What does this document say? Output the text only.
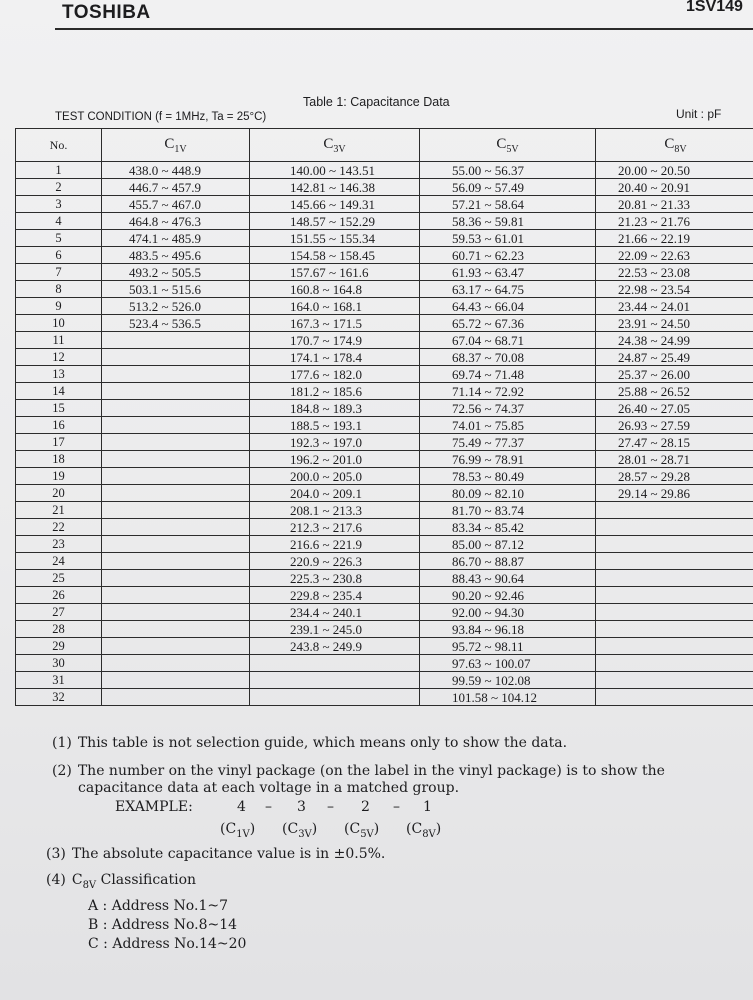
TOSHIBA	1SV149
Table 1: Capacitance Data
TEST CONDITION (f = 1MHz, Ta = 25°C)	Unit : pF
No.	$C_{1V}$	$C_{3V}$	$C_{5V}$	$C_{8V}$
1	438.0 ~ 448.9	140.00 ~ 143.51	55.00 ~ 56.37	20.00 ~ 20.50
2	446.7 ~ 457.9	142.81 ~ 146.38	56.09 ~ 57.49	20.40 ~ 20.91
3	455.7 ~ 467.0	145.66 ~ 149.31	57.21 ~ 58.64	20.81 ~ 21.33
4	464.8 ~ 476.3	148.57 ~ 152.29	58.36 ~ 59.81	21.23 ~ 21.76
5	474.1 ~ 485.9	151.55 ~ 155.34	59.53 ~ 61.01	21.66 ~ 22.19
6	483.5 ~ 495.6	154.58 ~ 158.45	60.71 ~ 62.23	22.09 ~ 22.63
7	493.2 ~ 505.5	157.67 ~ 161.6	61.93 ~ 63.47	22.53 ~ 23.08
8	503.1 ~ 515.6	160.8 ~ 164.8	63.17 ~ 64.75	22.98 ~ 23.54
9	513.2 ~ 526.0	164.0 ~ 168.1	64.43 ~ 66.04	23.44 ~ 24.01
10	523.4 ~ 536.5	167.3 ~ 171.5	65.72 ~ 67.36	23.91 ~ 24.50
11		170.7 ~ 174.9	67.04 ~ 68.71	24.38 ~ 24.99
12		174.1 ~ 178.4	68.37 ~ 70.08	24.87 ~ 25.49
13		177.6 ~ 182.0	69.74 ~ 71.48	25.37 ~ 26.00
14		181.2 ~ 185.6	71.14 ~ 72.92	25.88 ~ 26.52
15		184.8 ~ 189.3	72.56 ~ 74.37	26.40 ~ 27.05
16		188.5 ~ 193.1	74.01 ~ 75.85	26.93 ~ 27.59
17		192.3 ~ 197.0	75.49 ~ 77.37	27.47 ~ 28.15
18		196.2 ~ 201.0	76.99 ~ 78.91	28.01 ~ 28.71
19		200.0 ~ 205.0	78.53 ~ 80.49	28.57 ~ 29.28
20		204.0 ~ 209.1	80.09 ~ 82.10	29.14 ~ 29.86
21		208.1 ~ 213.3	81.70 ~ 83.74	
22		212.3 ~ 217.6	83.34 ~ 85.42	
23		216.6 ~ 221.9	85.00 ~ 87.12	
24		220.9 ~ 226.3	86.70 ~ 88.87	
25		225.3 ~ 230.8	88.43 ~ 90.64	
26		229.8 ~ 235.4	90.20 ~ 92.46	
27		234.4 ~ 240.1	92.00 ~ 94.30	
28		239.1 ~ 245.0	93.84 ~ 96.18	
29		243.8 ~ 249.9	95.72 ~ 98.11	
30			97.63 ~ 100.07	
31			99.59 ~ 102.08	
32			101.58 ~ 104.12	
(1) This table is not selection guide, which means only to show the data.
(2) The number on the vinyl package (on the label in the vinyl package) is to show the
capacitance data at each voltage in a matched group.
EXAMPLE:	4 – 3 – 2 – 1
$(C_{1V})$ $(C_{3V})$ $(C_{5V})$ $(C_{8V})$
(3) The absolute capacitance value is in ±0.5%.
(4) $C_{8V}$ Classification
A : Address No.1~7
B : Address No.8~14
C : Address No.14~20
